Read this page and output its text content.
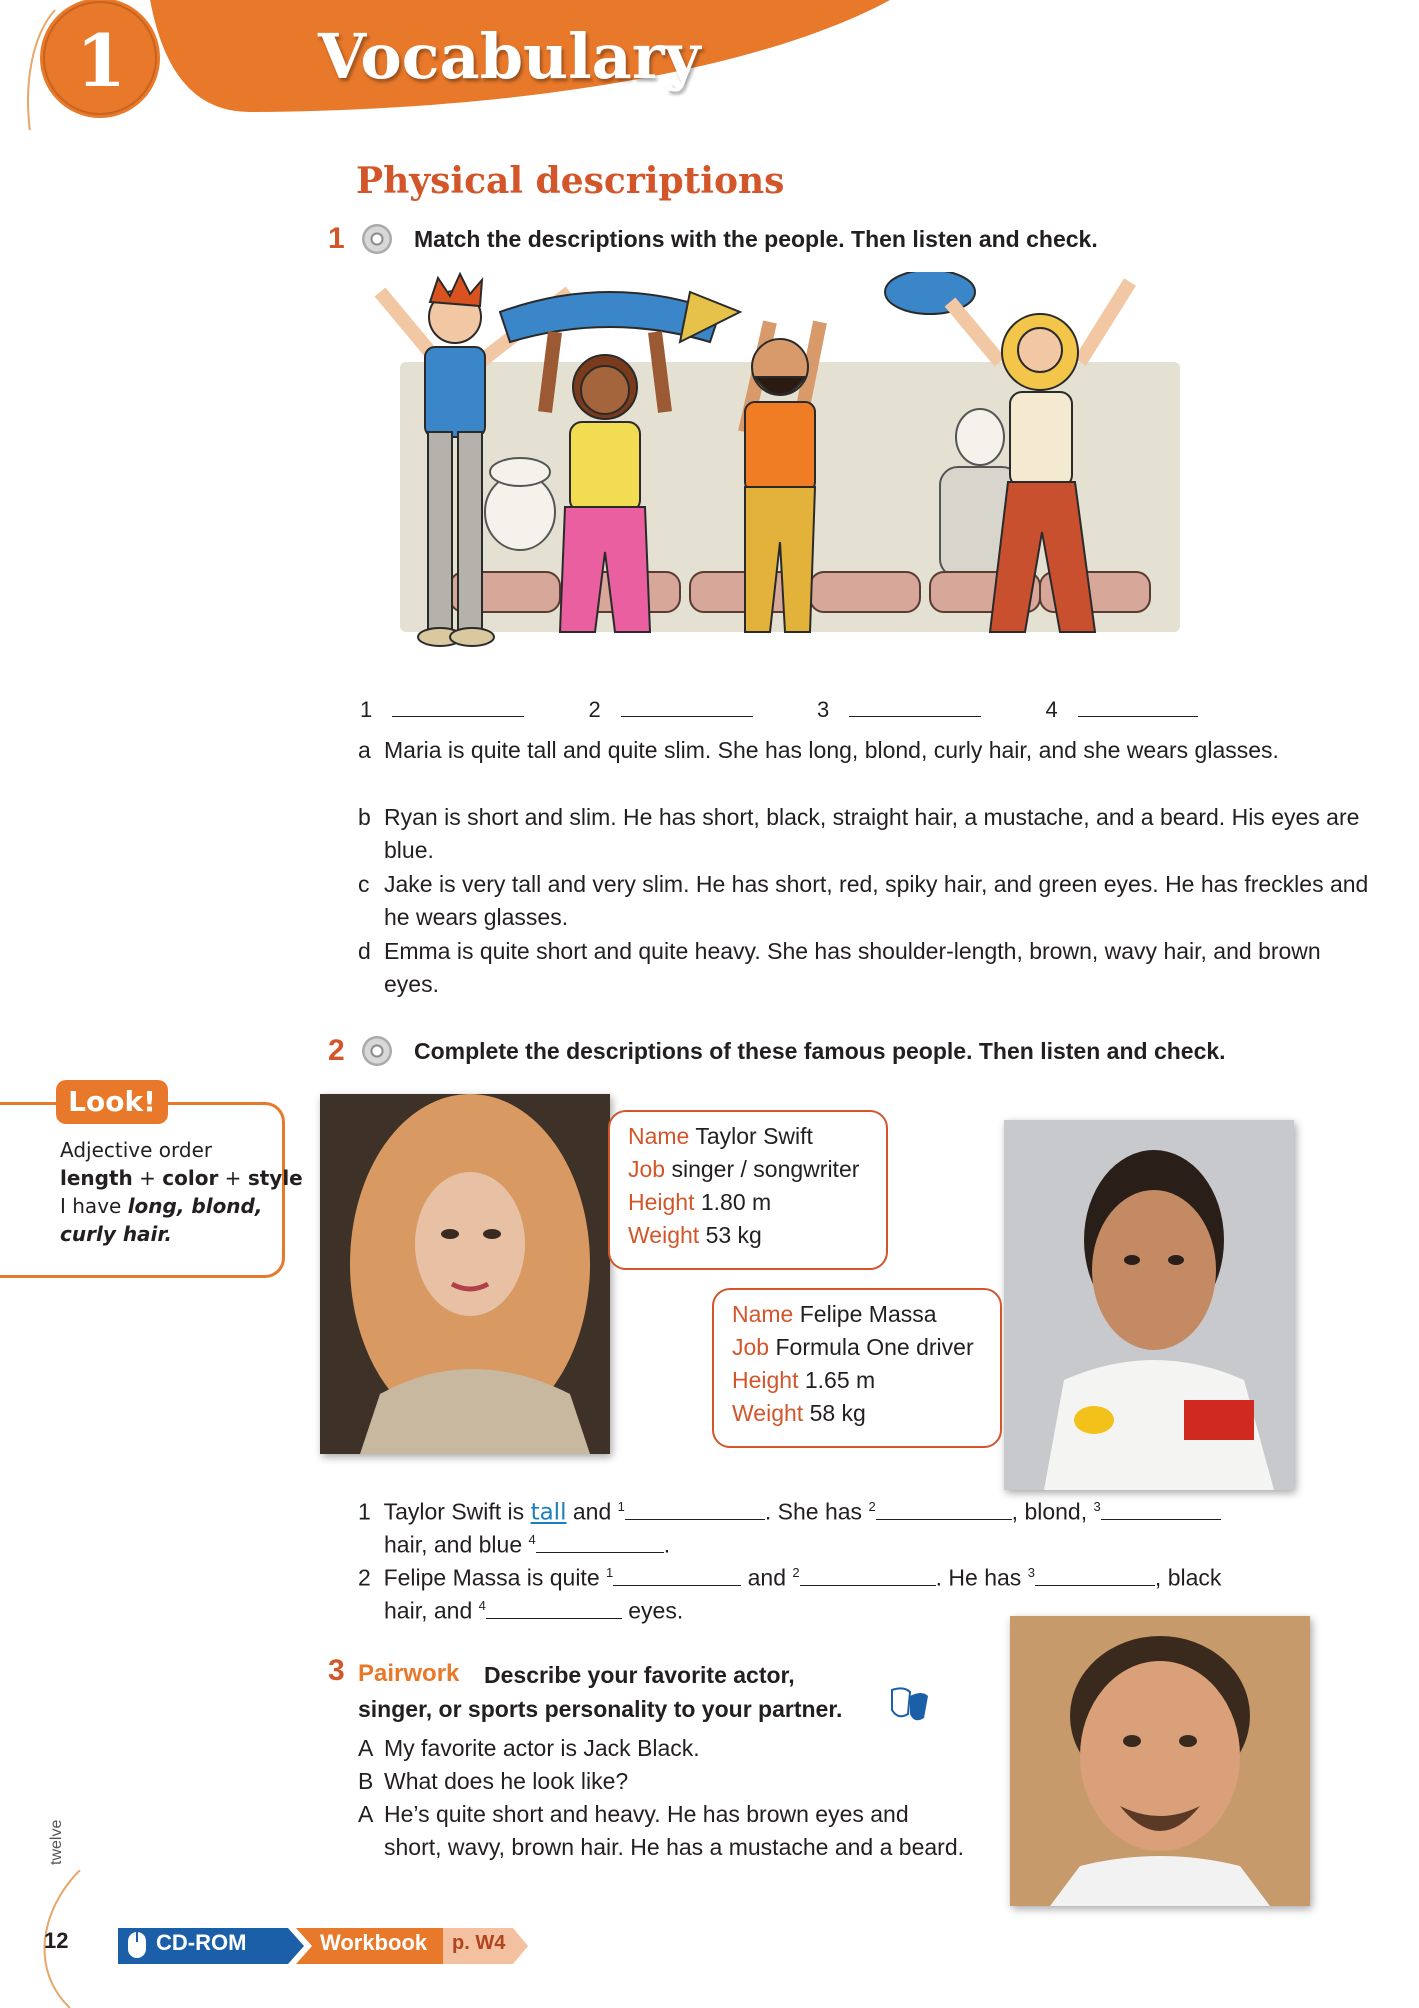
1	Vocabulary
Physical descriptions
1	Match the descriptions with the people. Then listen and check.
1	2	3	4
a Maria is quite tall and quite slim. She has long, blond, curly hair, and she wears glasses.
b Ryan is short and slim. He has short, black, straight hair, a mustache, and a beard. His eyes are blue.
c Jake is very tall and very slim. He has short, red, spiky hair, and green eyes. He has freckles and he wears glasses.
d Emma is quite short and quite heavy. She has shoulder-length, brown, wavy hair, and brown eyes.
Look!
Adjective order
length + color + style
I have long, blond,
curly hair.
2	Complete the descriptions of these famous people. Then listen and check.
Name Taylor Swift
Job singer / songwriter
Height 1.80 m
Weight 53 kg
Name Felipe Massa
Job Formula One driver
Height 1.65 m
Weight 58 kg
1 Taylor Swift is tall and $^1$	. She has $^2$	, blond, $^3$
hair, and blue $^4$	.
2 Felipe Massa is quite $^1$	and $^2$	. He has $^3$	, black
hair, and $^4$	eyes.
3 Pairwork Describe your favorite actor,
singer, or sports personality to your partner.
A My favorite actor is Jack Black.
B What does he look like?
A He’s quite short and heavy. He has brown eyes and
short, wavy, brown hair. He has a mustache and a beard.
twelve
12	CD-ROM	Workbook p. W4
